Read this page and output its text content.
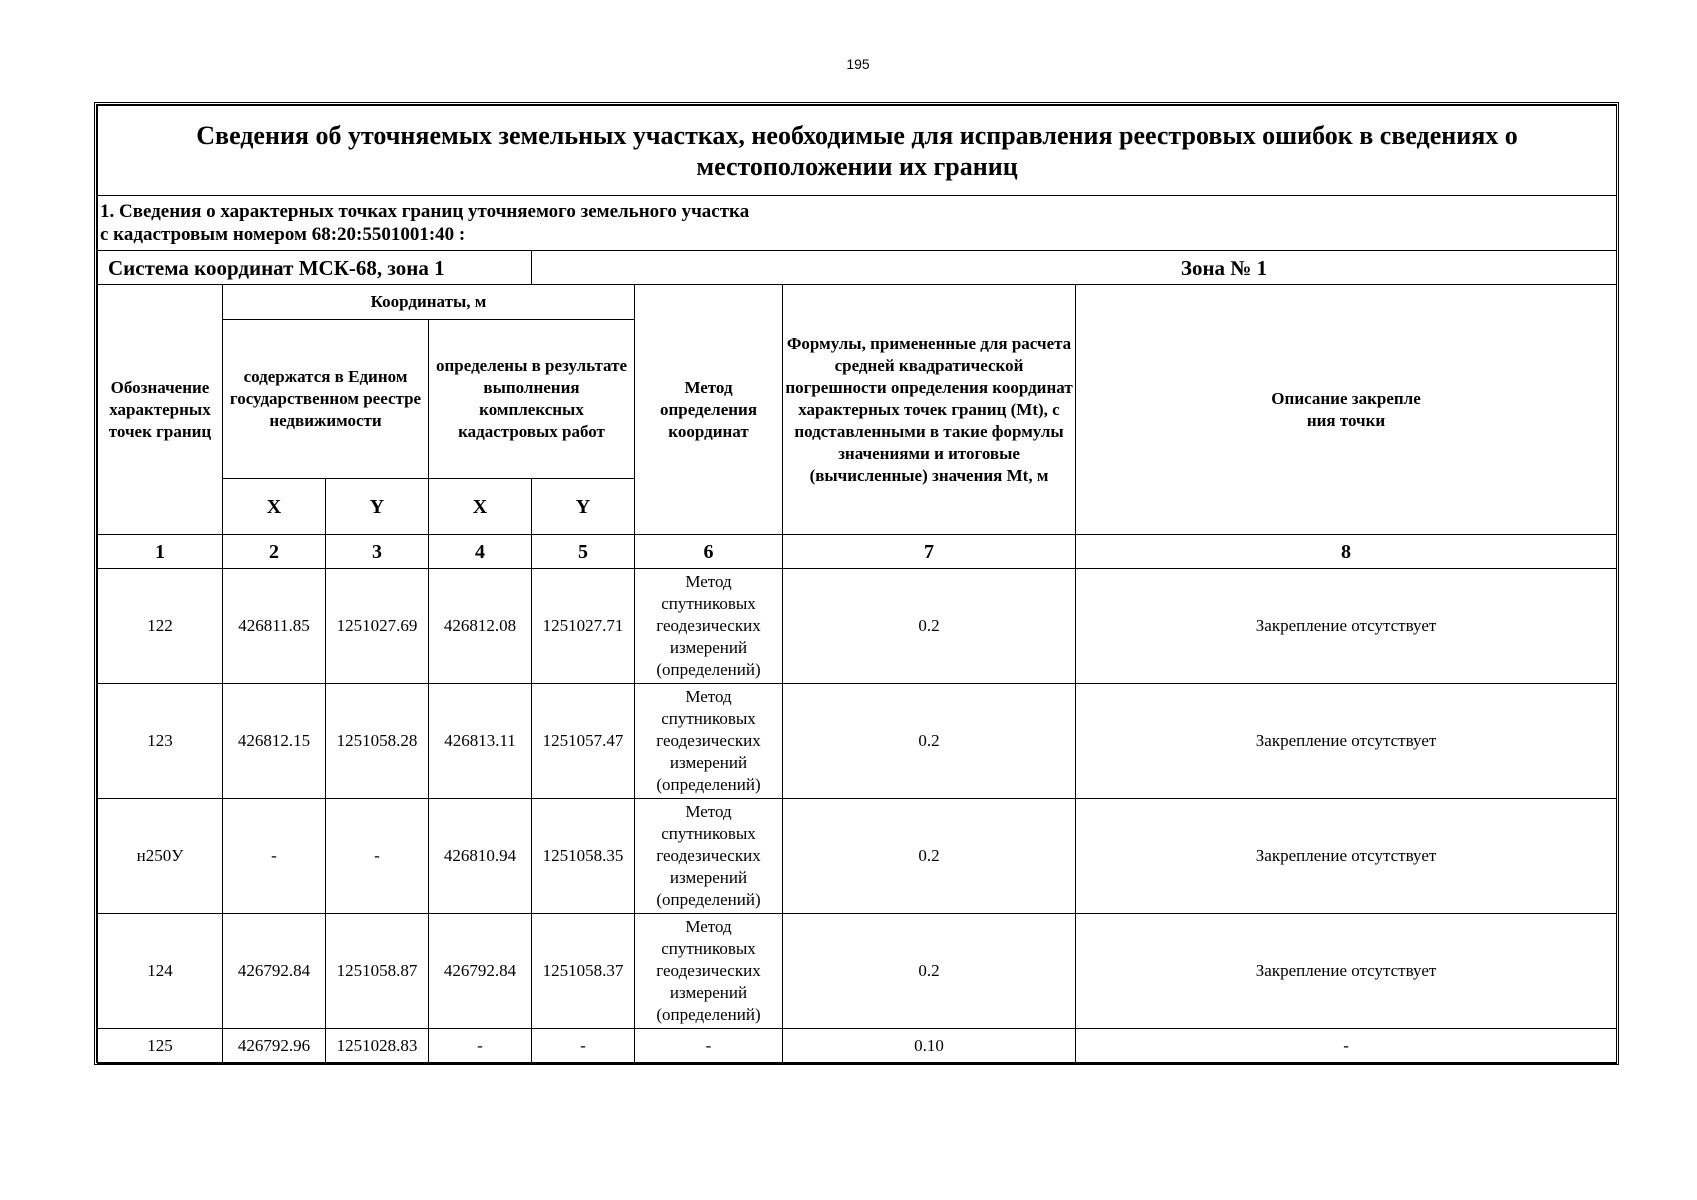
195
Сведения об уточняемых земельных участках, необходимые для исправления реестровых ошибок в сведениях о местоположении их границ							

1. Сведения о характерных точках границ уточняемого земельного участка
с кадастровым номером 68:20:5501001:40 :							

Система координат МСК-68, зона 1				Зона № 1			
Обозначение характерных точек границ	Координаты, м				Метод определения координат	Формулы, примененные для расчета средней квадратической погрешности определения координат характерных точек границ (Mt), с подставленными в такие формулы значениями и итоговые (вычисленные) значения Mt, м	Описание закрепле
ния точки
	содержатся в Едином государственном реестре недвижимости		определены в результате выполнения комплексных кадастровых работ				
	X	Y	X	Y			
1	2	3	4	5	6	7	8
122	426811.85	1251027.69	426812.08	1251027.71	Метод спутниковых геодезических измерений (определений)	0.2	Закрепление отсутствует
123	426812.15	1251058.28	426813.11	1251057.47	Метод спутниковых геодезических измерений (определений)	0.2	Закрепление отсутствует
н250У	-	-	426810.94	1251058.35	Метод спутниковых геодезических измерений (определений)	0.2	Закрепление отсутствует
124	426792.84	1251058.87	426792.84	1251058.37	Метод спутниковых геодезических измерений (определений)	0.2	Закрепление отсутствует
125	426792.96	1251028.83	-	-	-	0.10	-
